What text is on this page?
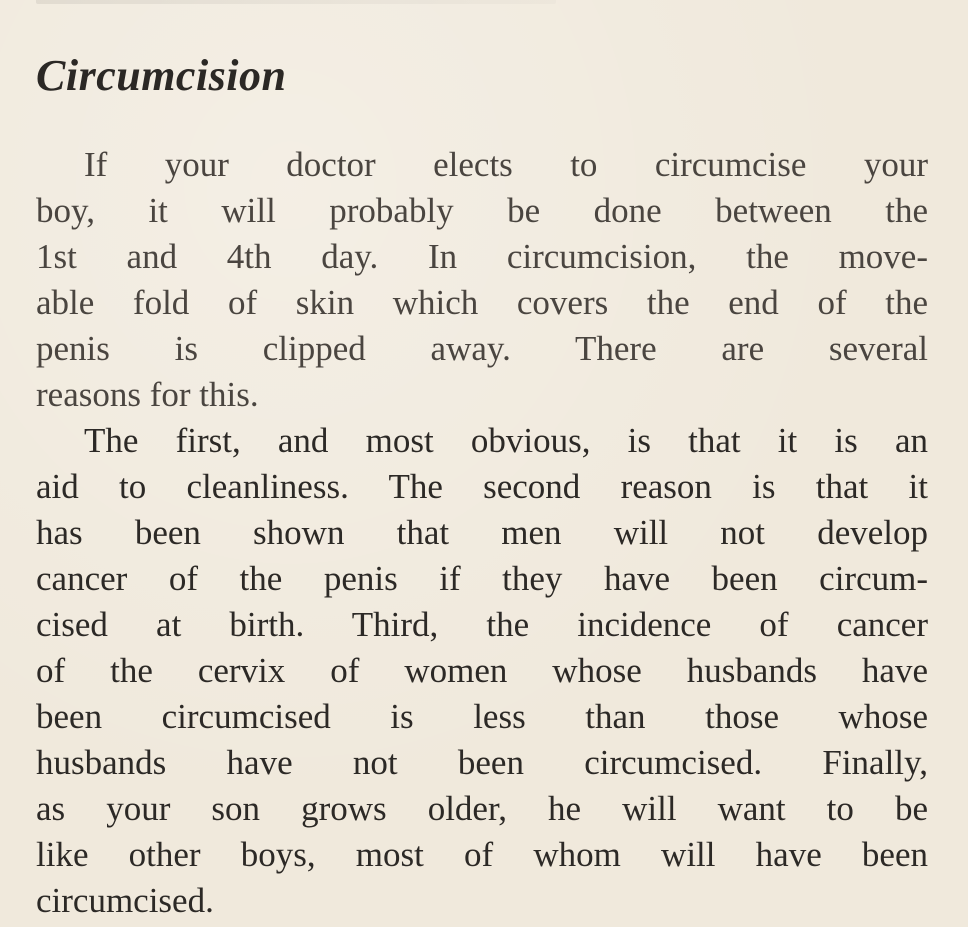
Circumcision
If your doctor elects to circumcise your
boy, it will probably be done between the
1st and 4th day. In circumcision, the move-
able fold of skin which covers the end of the
penis is clipped away. There are several
reasons for this.
The first, and most obvious, is that it is an
aid to cleanliness. The second reason is that it
has been shown that men will not develop
cancer of the penis if they have been circum-
cised at birth. Third, the incidence of cancer
of the cervix of women whose husbands have
been circumcised is less than those whose
husbands have not been circumcised. Finally,
as your son grows older, he will want to be
like other boys, most of whom will have been
circumcised.
